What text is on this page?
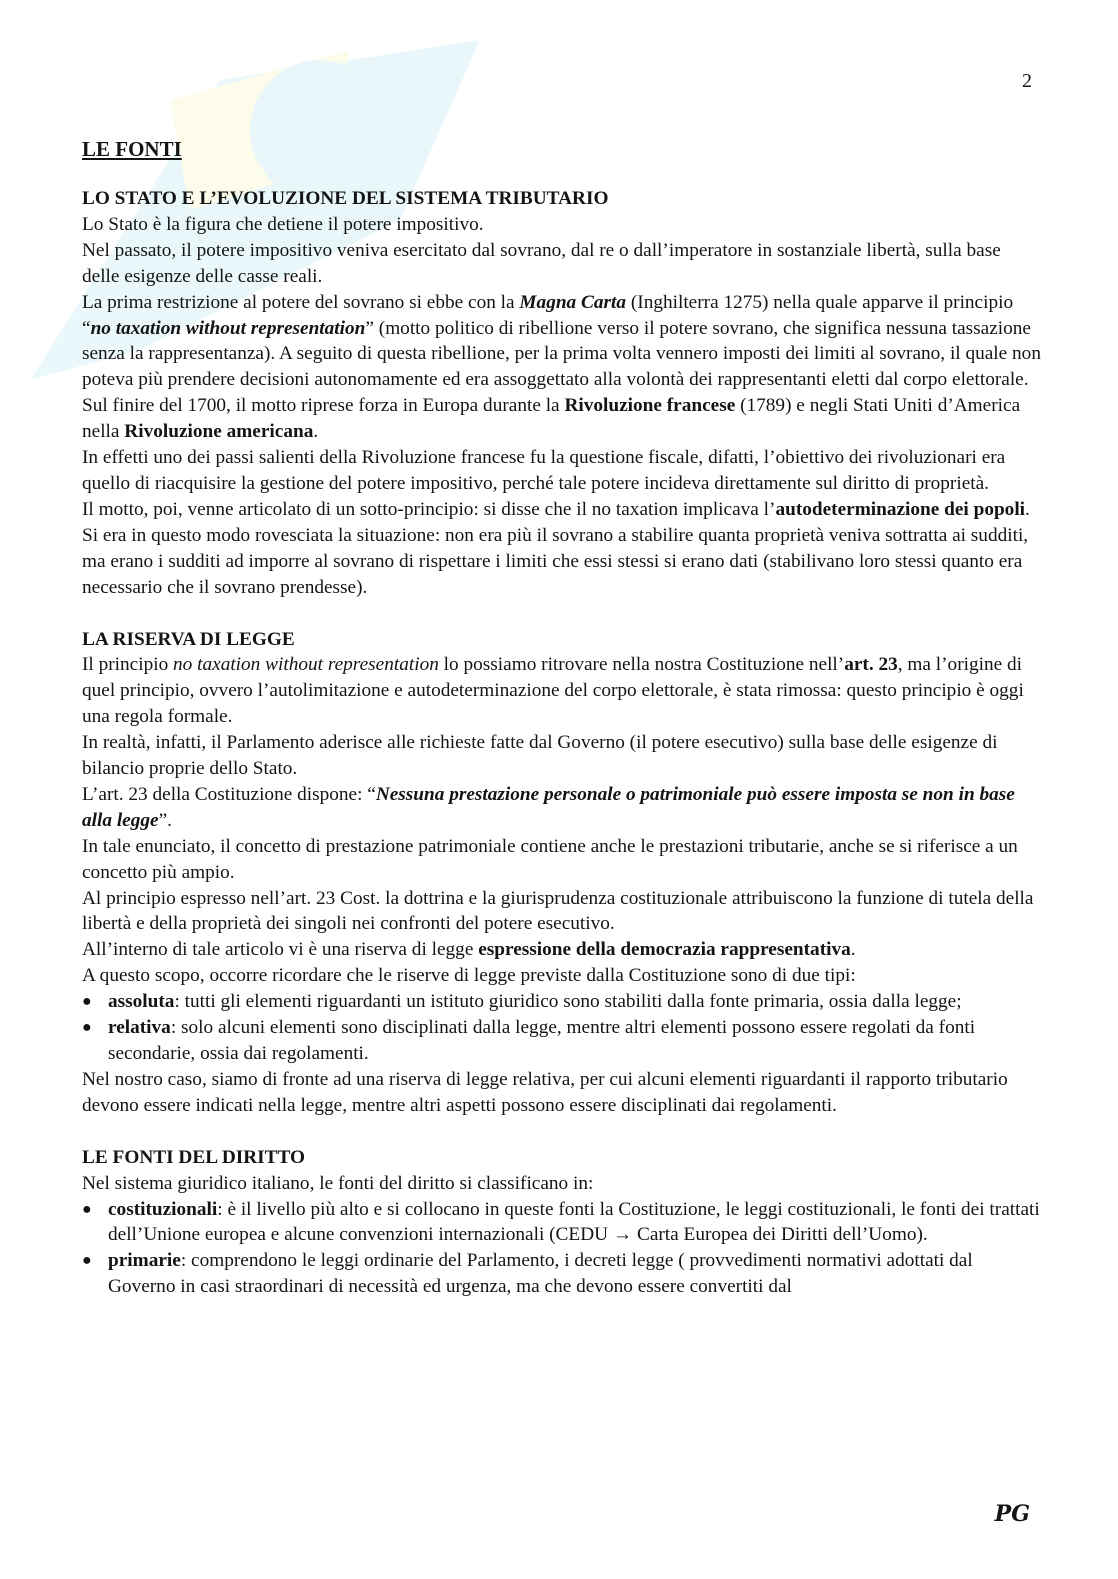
2
LE FONTI

LO STATO E L’EVOLUZIONE DEL SISTEMA TRIBUTARIO

Lo Stato è la figura che detiene il potere impositivo.

Nel passato, il potere impositivo veniva esercitato dal sovrano, dal re o dall’imperatore in sostanziale libertà, sulla base delle esigenze delle casse reali.

La prima restrizione al potere del sovrano si ebbe con la Magna Carta (Inghilterra 1275) nella quale apparve il principio “no taxation without representation” (motto politico di ribellione verso il potere sovrano, che significa nessuna tassazione senza la rappresentanza). A seguito di questa ribellione, per la prima volta vennero imposti dei limiti al sovrano, il quale non poteva più prendere decisioni autonomamente ed era assoggettato alla volontà dei rappresentanti eletti dal corpo elettorale.

Sul finire del 1700, il motto riprese forza in Europa durante la Rivoluzione francese (1789) e negli Stati Uniti d’America nella Rivoluzione americana.

In effetti uno dei passi salienti della Rivoluzione francese fu la questione fiscale, difatti, l’obiettivo dei rivoluzionari era quello di riacquisire la gestione del potere impositivo, perché tale potere incideva direttamente sul diritto di proprietà.

Il motto, poi, venne articolato di un sotto-principio: si disse che il no taxation implicava l’autodeterminazione dei popoli. Si era in questo modo rovesciata la situazione: non era più il sovrano a stabilire quanta proprietà veniva sottratta ai sudditi, ma erano i sudditi ad imporre al sovrano di rispettare i limiti che essi stessi si erano dati (stabilivano loro stessi quanto era necessario che il sovrano prendesse).

LA RISERVA DI LEGGE

Il principio no taxation without representation lo possiamo ritrovare nella nostra Costituzione nell’art. 23, ma l’origine di quel principio, ovvero l’autolimitazione e autodeterminazione del corpo elettorale, è stata rimossa: questo principio è oggi una regola formale.

In realtà, infatti, il Parlamento aderisce alle richieste fatte dal Governo (il potere esecutivo) sulla base delle esigenze di bilancio proprie dello Stato.

L’art. 23 della Costituzione dispone: “Nessuna prestazione personale o patrimoniale può essere imposta se non in base alla legge”.

In tale enunciato, il concetto di prestazione patrimoniale contiene anche le prestazioni tributarie, anche se si riferisce a un concetto più ampio.

Al principio espresso nell’art. 23 Cost. la dottrina e la giurisprudenza costituzionale attribuiscono la funzione di tutela della libertà e della proprietà dei singoli nei confronti del potere esecutivo.

All’interno di tale articolo vi è una riserva di legge espressione della democrazia rappresentativa.

A questo scopo, occorre ricordare che le riserve di legge previste dalla Costituzione sono di due tipi:

● assoluta: tutti gli elementi riguardanti un istituto giuridico sono stabiliti dalla fonte primaria, ossia dalla legge;
● relativa: solo alcuni elementi sono disciplinati dalla legge, mentre altri elementi possono essere regolati da fonti secondarie, ossia dai regolamenti.

Nel nostro caso, siamo di fronte ad una riserva di legge relativa, per cui alcuni elementi riguardanti il rapporto tributario devono essere indicati nella legge, mentre altri aspetti possono essere disciplinati dai regolamenti.

LE FONTI DEL DIRITTO

Nel sistema giuridico italiano, le fonti del diritto si classificano in:

● costituzionali: è il livello più alto e si collocano in queste fonti la Costituzione, le leggi costituzionali, le fonti dei trattati dell’Unione europea e alcune convenzioni internazionali (CEDU → Carta Europea dei Diritti dell’Uomo).
● primarie: comprendono le leggi ordinarie del Parlamento, i decreti legge ( provvedimenti normativi adottati dal Governo in casi straordinari di necessità ed urgenza, ma che devono essere convertiti dal
PG
